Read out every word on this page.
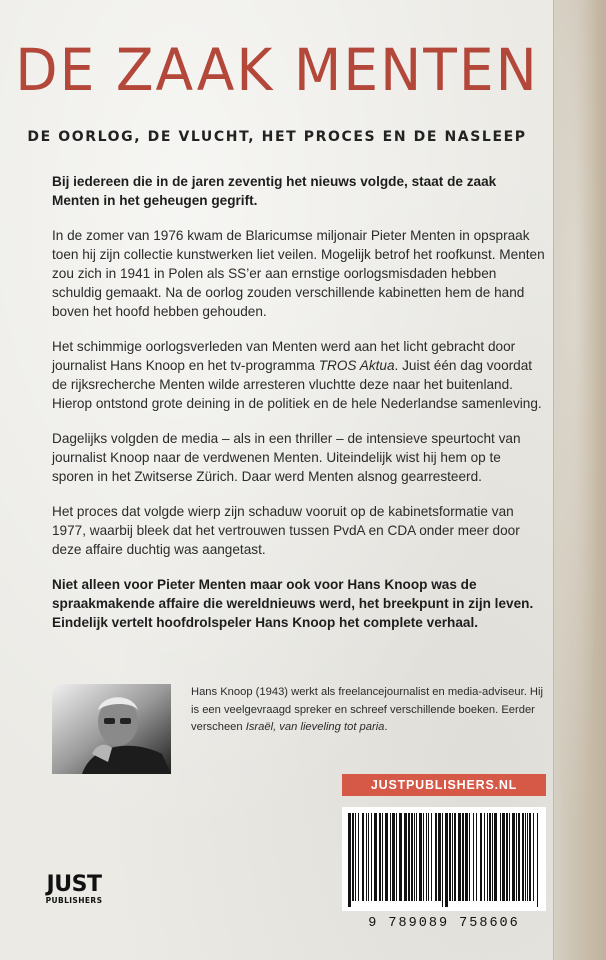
DE ZAAK MENTEN
DE OORLOG, DE VLUCHT, HET PROCES EN DE NASLEEP

Bij iedereen die in de jaren zeventig het nieuws volgde, staat de zaak Menten in het geheugen gegrift.

In de zomer van 1976 kwam de Blaricumse miljonair Pieter Menten in opspraak toen hij zijn collectie kunstwerken liet veilen. Mogelijk betrof het roofkunst. Menten zou zich in 1941 in Polen als SS’er aan ernstige oorlogsmisdaden hebben schuldig gemaakt. Na de oorlog zouden verschillende kabinetten hem de hand boven het hoofd hebben gehouden.

Het schimmige oorlogsverleden van Menten werd aan het licht gebracht door journalist Hans Knoop en het tv-programma TROS Aktua. Juist één dag voordat de rijksrecherche Menten wilde arresteren vluchtte deze naar het buitenland. Hierop ontstond grote deining in de politiek en de hele Nederlandse samenleving.

Dagelijks volgden de media – als in een thriller – de intensieve speurtocht van journalist Knoop naar de verdwenen Menten. Uiteindelijk wist hij hem op te sporen in het Zwitserse Zürich. Daar werd Menten alsnog gearresteerd.

Het proces dat volgde wierp zijn schaduw vooruit op de kabinetsformatie van 1977, waarbij bleek dat het vertrouwen tussen PvdA en CDA onder meer door deze affaire duchtig was aangetast.

Niet alleen voor Pieter Menten maar ook voor Hans Knoop was de spraakmakende affaire die wereldnieuws werd, het breekpunt in zijn leven. Eindelijk vertelt hoofdrolspeler Hans Knoop het complete verhaal.

Hans Knoop (1943) werkt als freelancejournalist en media-adviseur. Hij is een veelgevraagd spreker en schreef verschillende boeken. Eerder verscheen Israël, van lieveling tot paria.

JUSTPUBLISHERS.NL
9 789089 758606
JUST
PUBLISHERS
